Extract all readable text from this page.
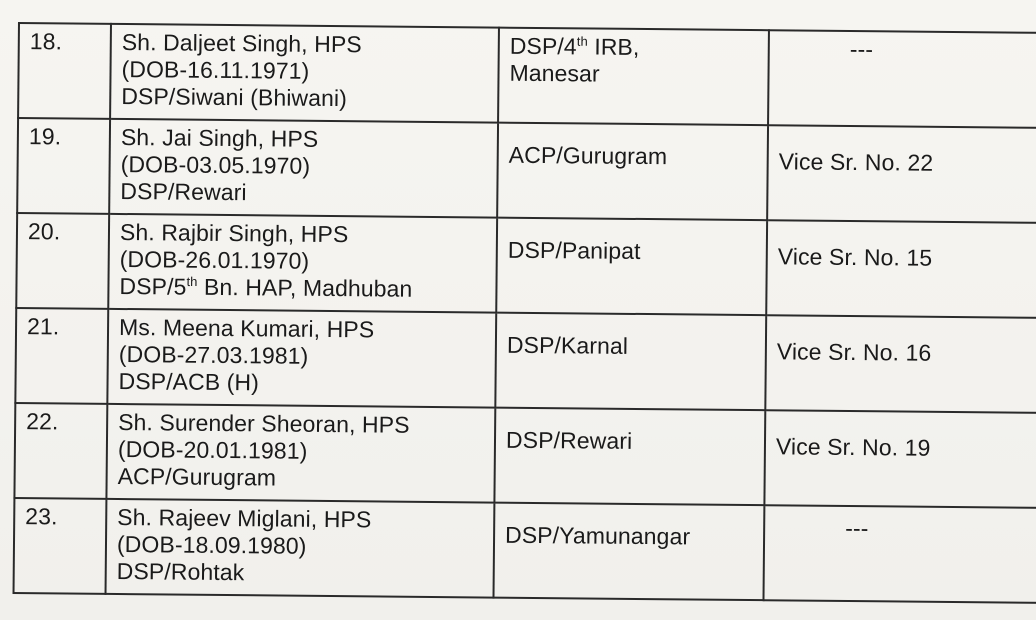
18.	Sh. Daljeet Singh, HPS
(DOB-16.11.1971)
DSP/Siwani (Bhiwani)	DSP/4th IRB,
Manesar	---

19.	Sh. Jai Singh, HPS
(DOB-03.05.1970)
DSP/Rewari	ACP/Gurugram	Vice Sr. No. 22

20.	Sh. Rajbir Singh, HPS
(DOB-26.01.1970)
DSP/5th Bn. HAP, Madhuban	DSP/Panipat	Vice Sr. No. 15

21.	Ms. Meena Kumari, HPS
(DOB-27.03.1981)
DSP/ACB (H)	DSP/Karnal	Vice Sr. No. 16

22.	Sh. Surender Sheoran, HPS
(DOB-20.01.1981)
ACP/Gurugram	DSP/Rewari	Vice Sr. No. 19

23.	Sh. Rajeev Miglani, HPS
(DOB-18.09.1980)
DSP/Rohtak	DSP/Yamunangar	---
